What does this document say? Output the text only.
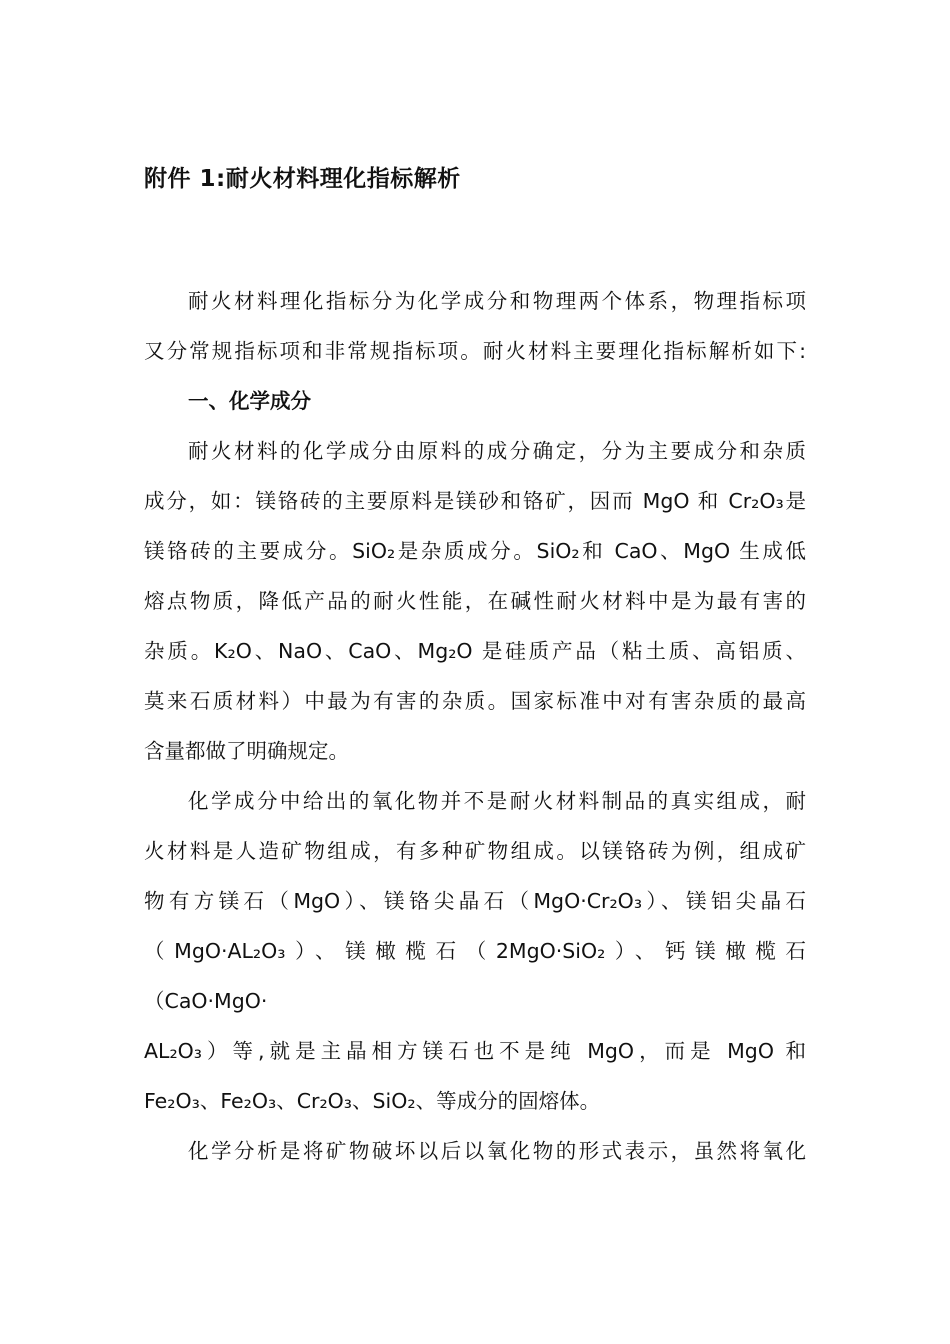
附件 1:耐火材料理化指标解析
耐火材料理化指标分为化学成分和物理两个体系，物理指标项
又分常规指标项和非常规指标项。耐火材料主要理化指标解析如下:
一、化学成分
耐火材料的化学成分由原料的成分确定，分为主要成分和杂质
成分，如：镁铬砖的主要原料是镁砂和铬矿，因而 MgO 和 Cr₂O₃是
镁铬砖的主要成分。SiO₂是杂质成分。SiO₂和 CaO、MgO 生成低
熔点物质，降低产品的耐火性能，在碱性耐火材料中是为最有害的
杂质。K₂O、NaO、CaO、Mg₂O 是硅质产品（粘土质、高铝质、
莫来石质材料）中最为有害的杂质。国家标准中对有害杂质的最高
含量都做了明确规定。
化学成分中给出的氧化物并不是耐火材料制品的真实组成，耐
火材料是人造矿物组成，有多种矿物组成。以镁铬砖为例，组成矿
物有方镁石（MgO）、镁铬尖晶石（MgO·Cr₂O₃）、镁铝尖晶石
（MgO·AL₂O₃）、镁橄榄石（2MgO·SiO₂）、钙镁橄榄石
（CaO·MgO·
AL₂O₃）等,就是主晶相方镁石也不是纯 MgO，而是 MgO 和
Fe₂O₃、Fe₂O₃、Cr₂O₃、SiO₂、等成分的固熔体。
化学分析是将矿物破坏以后以氧化物的形式表示，虽然将氧化
